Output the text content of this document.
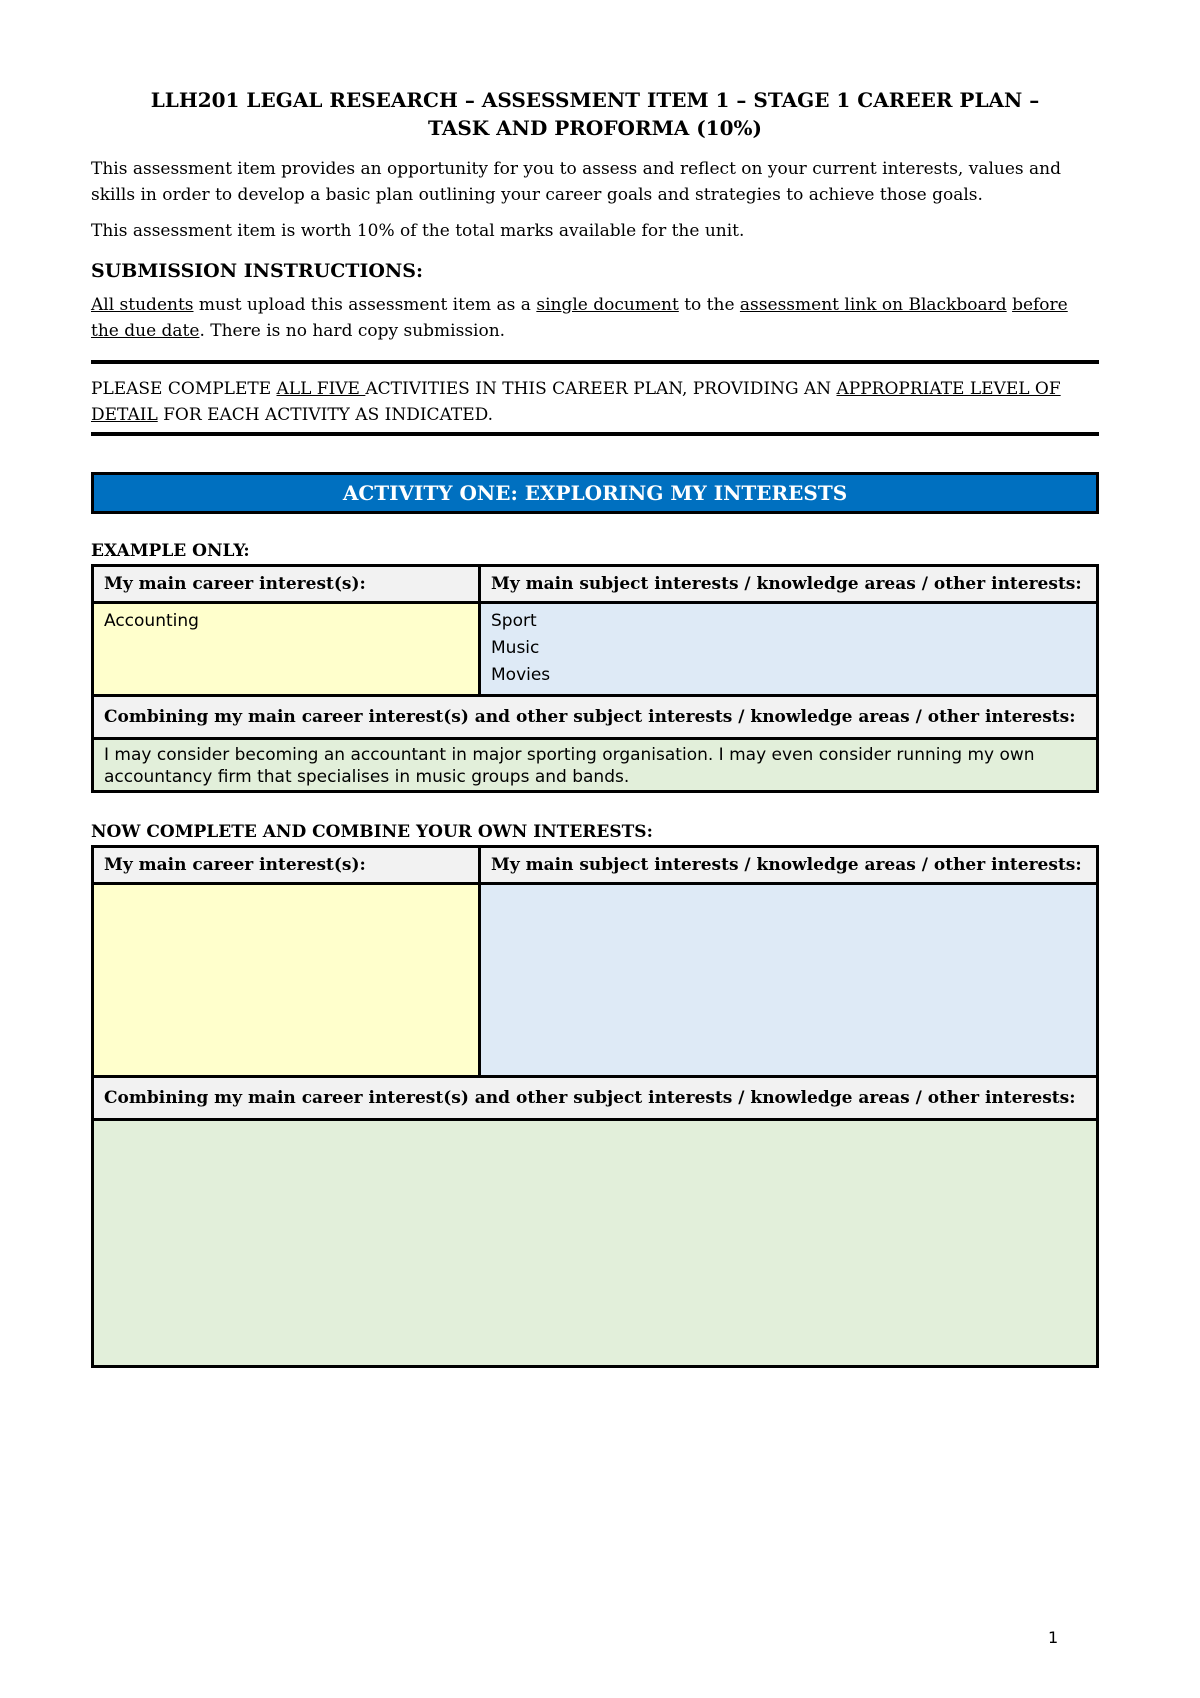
LLH201 LEGAL RESEARCH – ASSESSMENT ITEM 1 – STAGE 1 CAREER PLAN –
TASK AND PROFORMA (10%)

This assessment item provides an opportunity for you to assess and reflect on your current interests, values and skills in order to develop a basic plan outlining your career goals and strategies to achieve those goals.

This assessment item is worth 10% of the total marks available for the unit.

SUBMISSION INSTRUCTIONS:

All students must upload this assessment item as a single document to the assessment link on Blackboard before the due date. There is no hard copy submission.

PLEASE COMPLETE ALL FIVE ACTIVITIES IN THIS CAREER PLAN, PROVIDING AN APPROPRIATE LEVEL OF DETAIL FOR EACH ACTIVITY AS INDICATED.
ACTIVITY ONE: EXPLORING MY INTERESTS
EXAMPLE ONLY:
My main career interest(s):	My main subject interests / knowledge areas / other interests:
Accounting	Sport
Music
Movies
Combining my main career interest(s) and other subject interests / knowledge areas / other interests:
I may consider becoming an accountant in major sporting organisation. I may even consider running my own accountancy firm that specialises in music groups and bands.
NOW COMPLETE AND COMBINE YOUR OWN INTERESTS:
My main career interest(s):	My main subject interests / knowledge areas / other interests:
Combining my main career interest(s) and other subject interests / knowledge areas / other interests:
1
